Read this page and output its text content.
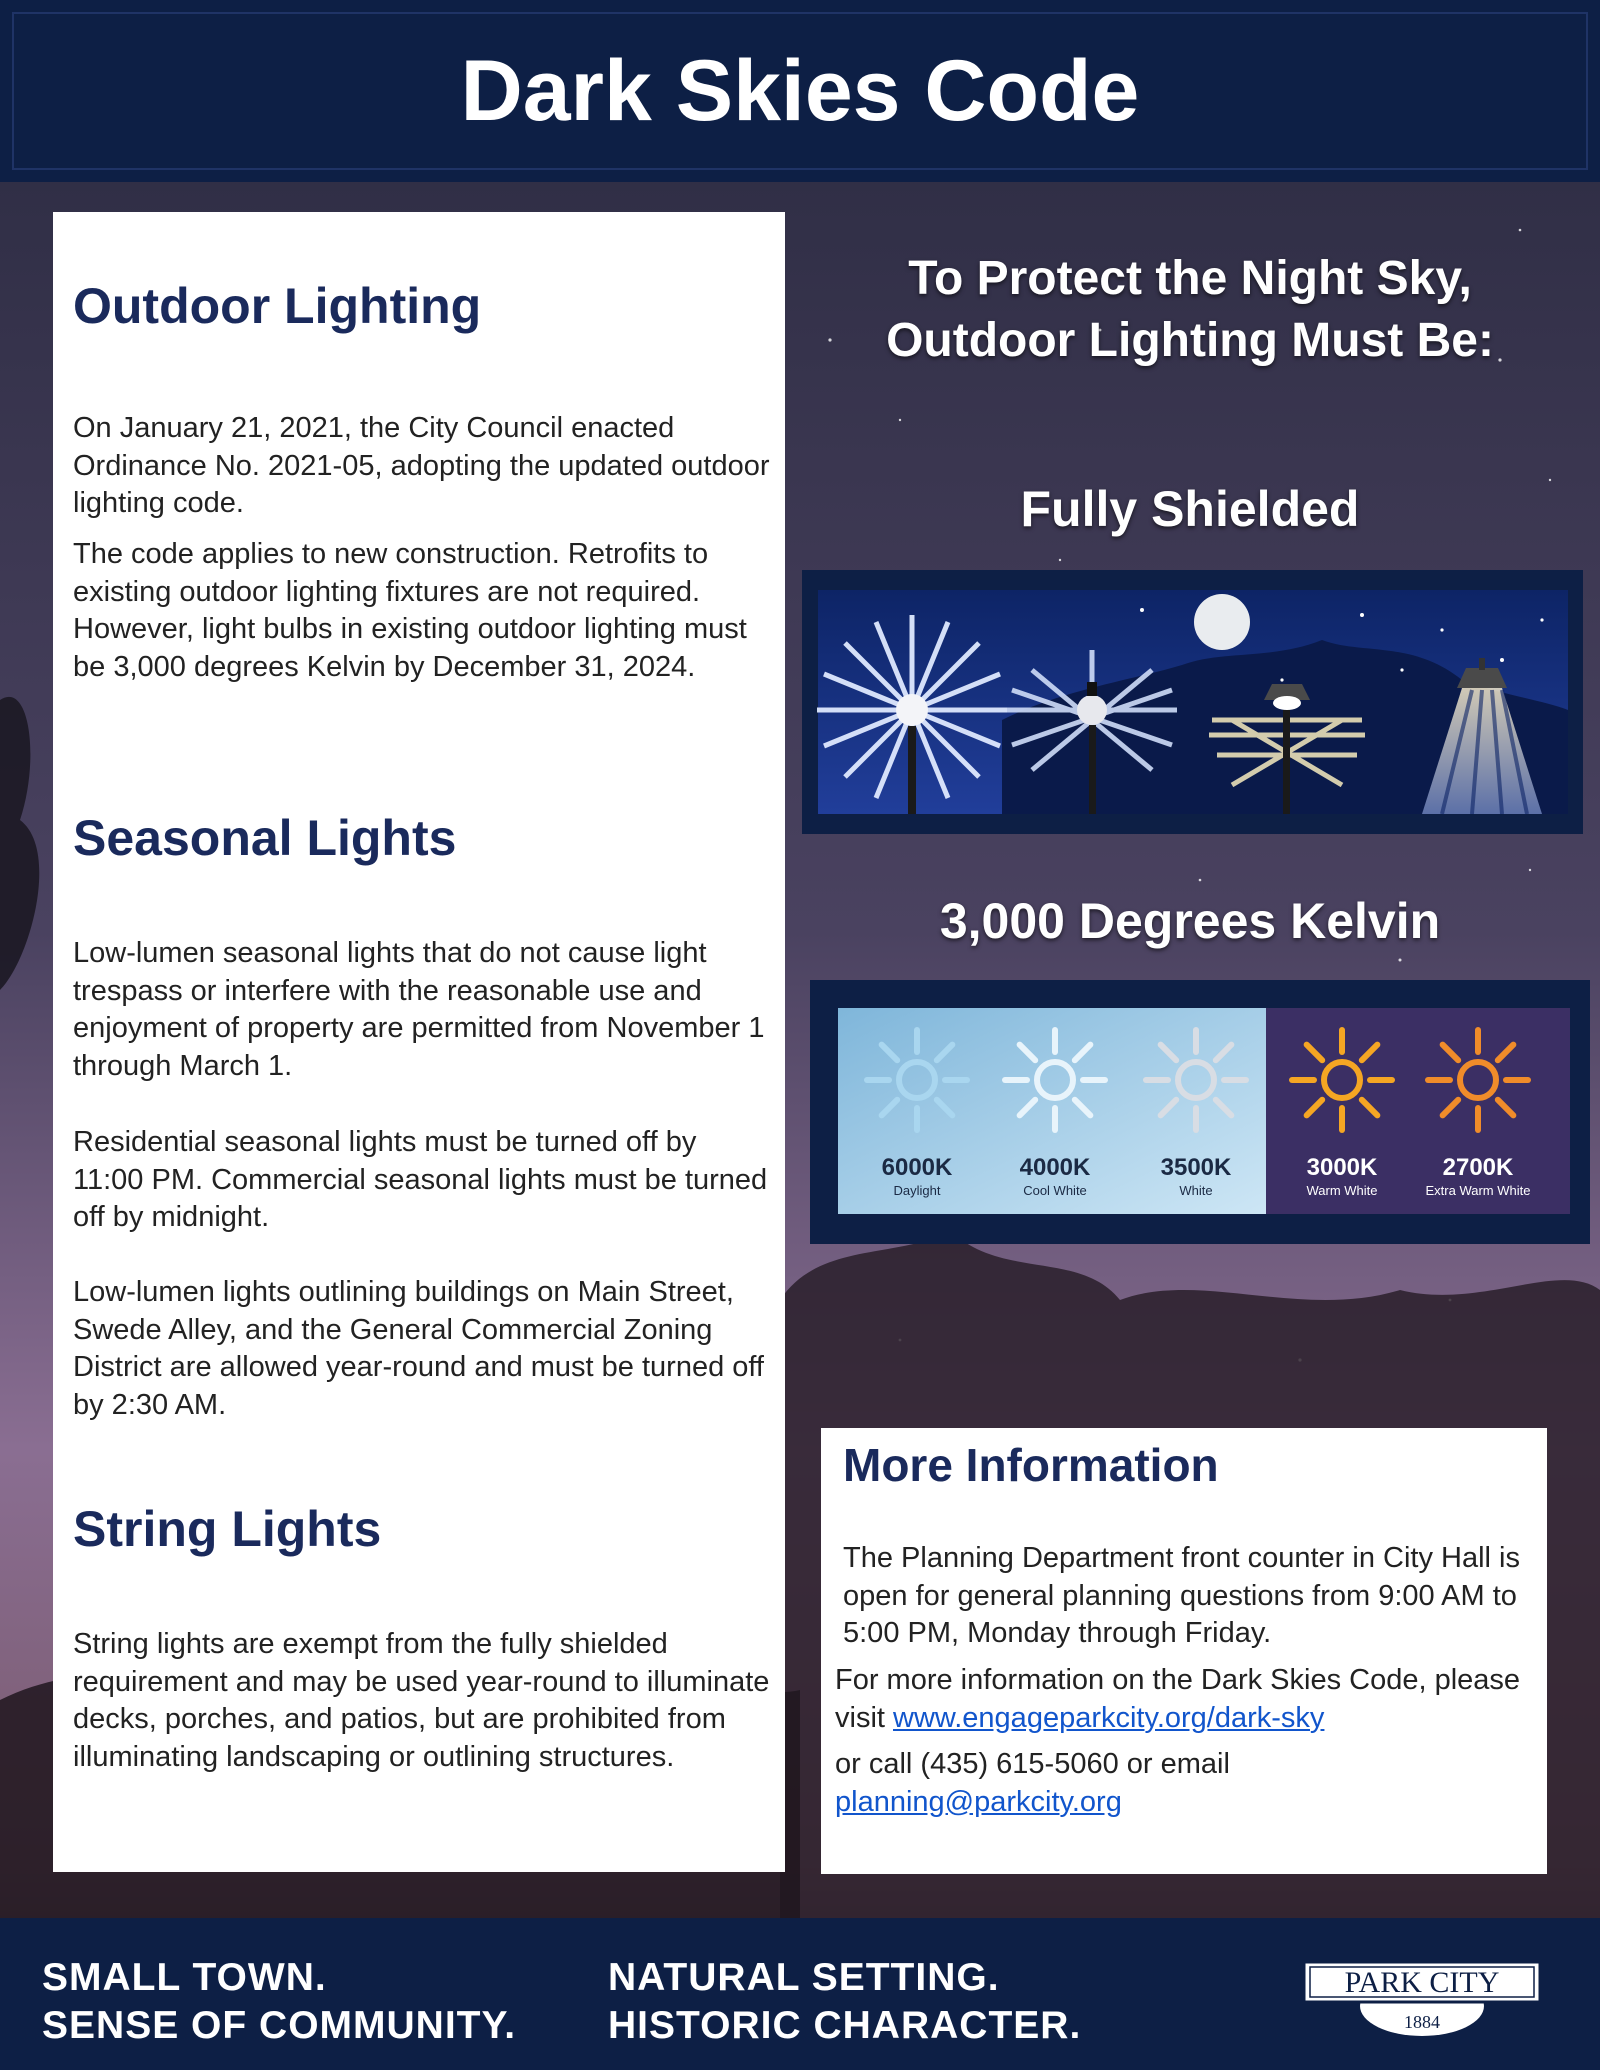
Dark Skies Code
Outdoor Lighting

On January 21, 2021, the City Council enacted Ordinance No. 2021-05, adopting the updated outdoor lighting code.

The code applies to new construction. Retrofits to existing outdoor lighting fixtures are not required. However, light bulbs in existing outdoor lighting must be 3,000 degrees Kelvin by December 31, 2024.

Seasonal Lights

Low-lumen seasonal lights that do not cause light trespass or interfere with the reasonable use and enjoyment of property are permitted from November 1 through March 1.

Residential seasonal lights must be turned off by 11:00 PM. Commercial seasonal lights must be turned off by midnight.

Low-lumen lights outlining buildings on Main Street, Swede Alley, and the General Commercial Zoning District are allowed year-round and must be turned off by 2:30 AM.

String Lights

String lights are exempt from the fully shielded requirement and may be used year-round to illuminate decks, porches, and patios, but are prohibited from illuminating landscaping or outlining structures.

To Protect the Night Sky,
Outdoor Lighting Must Be:

Fully Shielded

3,000 Degrees Kelvin

6000K
Daylight
4000K
Cool White
3500K
White
3000K
Warm White
2700K
Extra Warm White
More Information

The Planning Department front counter in City Hall is open for general planning questions from 9:00 AM to 5:00 PM, Monday through Friday.

For more information on the Dark Skies Code, please visit www.engageparkcity.org/dark-sky

or call (435) 615-5060 or email
planning@parkcity.org

SMALL TOWN.

SENSE OF COMMUNITY.

NATURAL SETTING.

HISTORIC CHARACTER.

PARK CITY
1884
